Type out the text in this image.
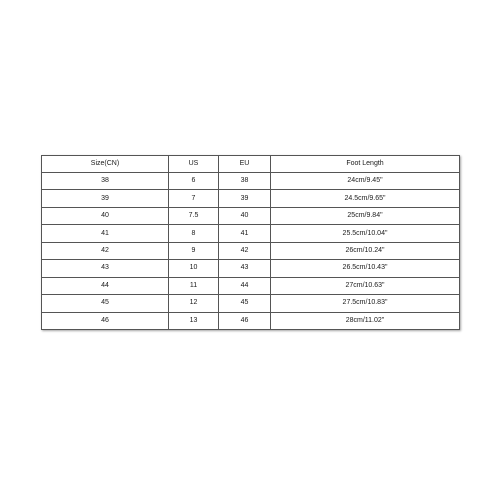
Size(CN)	US	EU	Foot Length
38	6	38	24cm/9.45"
39	7	39	24.5cm/9.65"
40	7.5	40	25cm/9.84"
41	8	41	25.5cm/10.04"
42	9	42	26cm/10.24"
43	10	43	26.5cm/10.43"
44	11	44	27cm/10.63"
45	12	45	27.5cm/10.83"
46	13	46	28cm/11.02"
